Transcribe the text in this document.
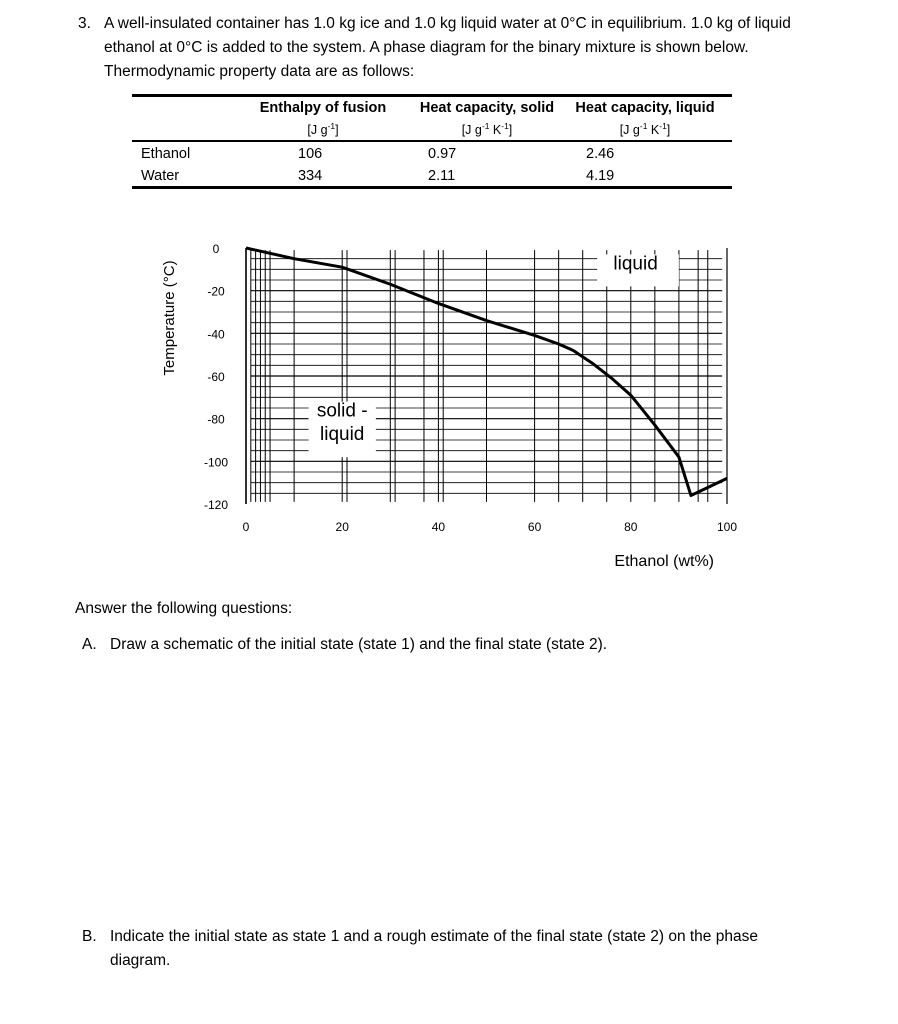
3. A well-insulated container has 1.0 kg ice and 1.0 kg liquid water at 0°C in equilibrium. 1.0 kg of liquid ethanol at 0°C is added to the system. A phase diagram for the binary mixture is shown below. Thermodynamic property data are as follows:
Enthalpy of fusion	Heat capacity, solid	Heat capacity, liquid
[J $g^{-1}$]	[J $g^{-1}$ $K^{-1}$]	[J $g^{-1}$ $K^{-1}$]
Ethanol	106	0.97	2.46
Water	334	2.11	4.19
0
-20
-40
-60
-80
-100
-120
0	20	40	60	80	100
liquid
solid -
liquid
Temperature (°C)
Ethanol (wt%)
Answer the following questions:
A. Draw a schematic of the initial state (state 1) and the final state (state 2).
B. Indicate the initial state as state 1 and a rough estimate of the final state (state 2) on the phase diagram.
